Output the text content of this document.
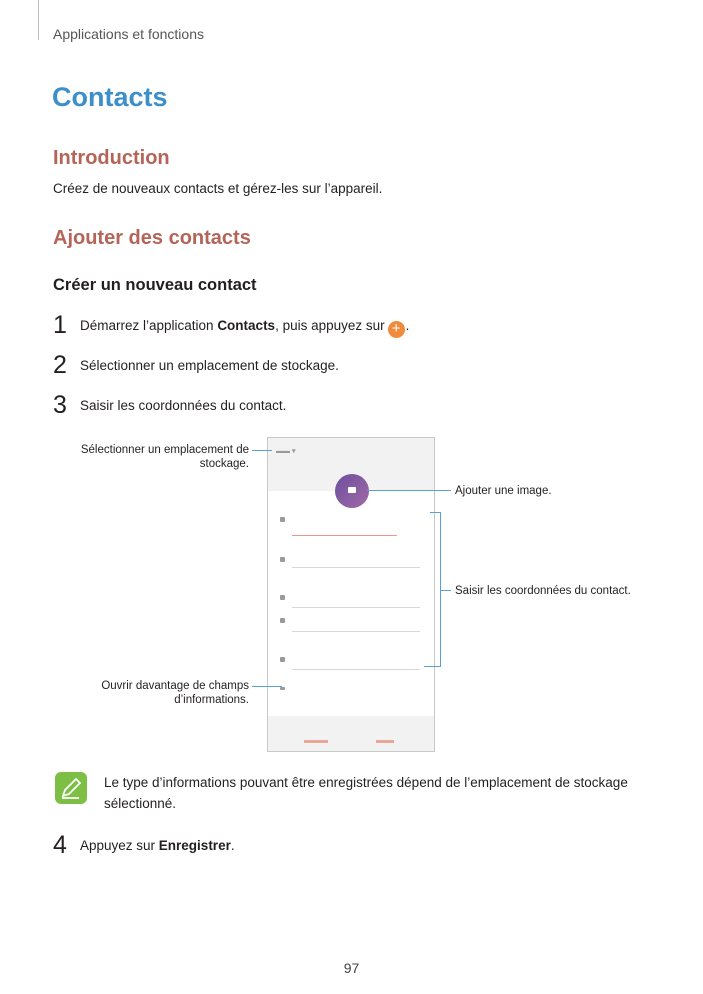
Applications et fonctions
Contacts
Introduction
Créez de nouveaux contacts et gérez-les sur l’appareil.
Ajouter des contacts
Créer un nouveau contact
1 Démarrez l’application Contacts, puis appuyez sur + .
2 Sélectionner un emplacement de stockage.
3 Saisir les coordonnées du contact.
▬▬ ▾
Sélectionner un emplacement de stockage.
Ajouter une image.
Saisir les coordonnées du contact.
Ouvrir davantage de champs d’informations.
Le type d’informations pouvant être enregistrées dépend de l’emplacement de stockage sélectionné.
4 Appuyez sur Enregistrer.
97
